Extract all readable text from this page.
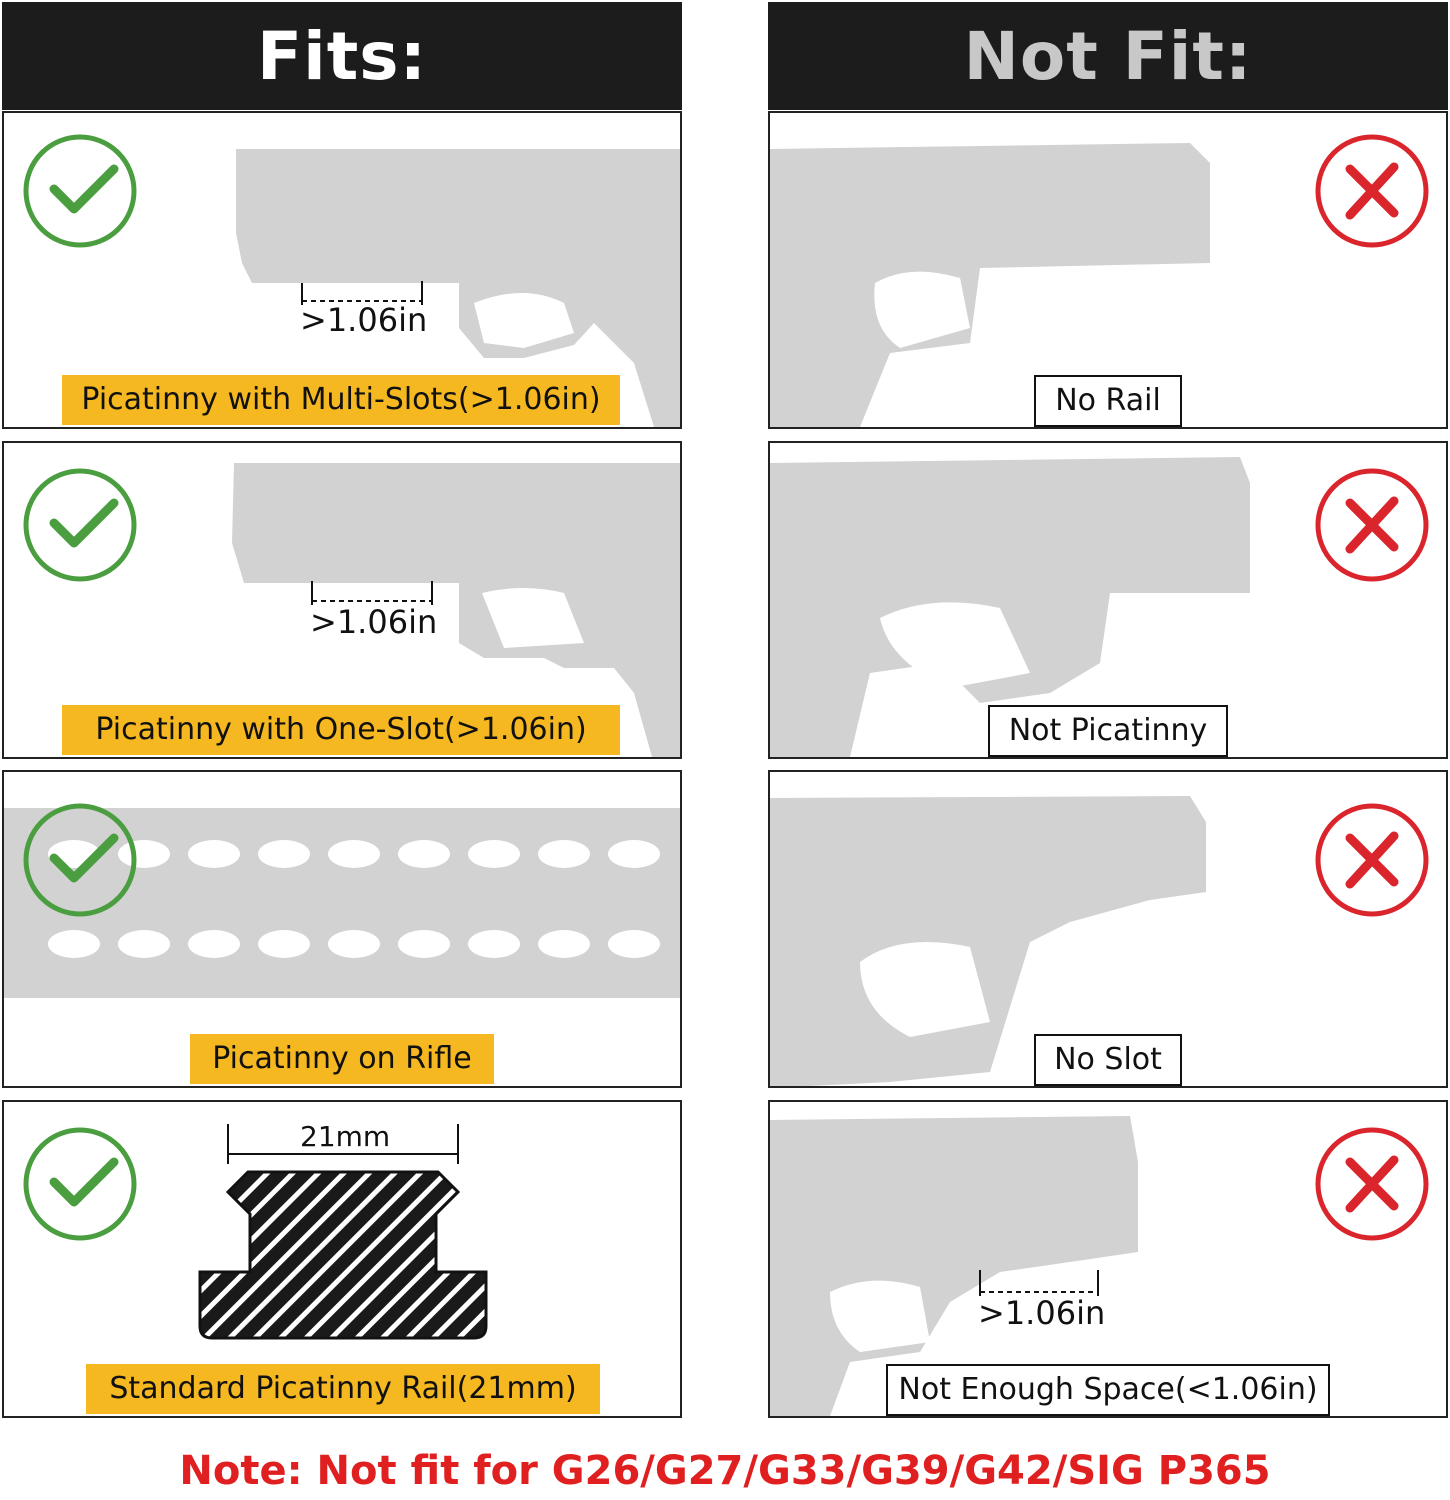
Fits:	Not Fit:
>1.06in
Picatinny with Multi-Slots(>1.06in)
>1.06in
Picatinny with One-Slot(>1.06in)
Picatinny on Rifle
21mm
Standard Picatinny Rail(21mm)
No Rail
Not Picatinny
No Slot
>1.06in
Not Enough Space(<1.06in)
Note: Not fit for G26/G27/G33/G39/G42/SIG P365
